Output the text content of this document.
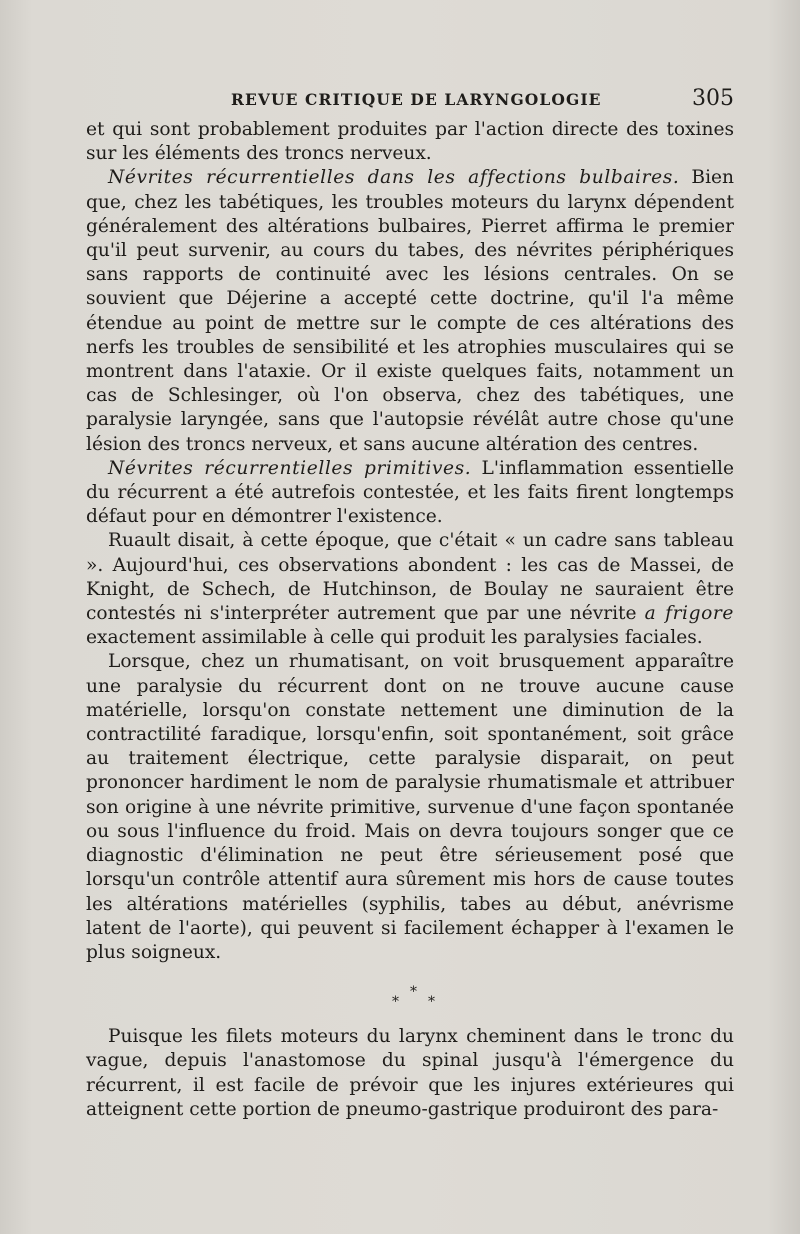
REVUE CRITIQUE DE LARYNGOLOGIE	305

et qui sont probablement produites par l'action directe des toxines sur les éléments des troncs nerveux.

Névrites récurrentielles dans les affections bulbaires. Bien que, chez les tabétiques, les troubles moteurs du larynx dépendent généralement des altérations bulbaires, Pierret affirma le premier qu'il peut survenir, au cours du tabes, des névrites périphériques sans rapports de continuité avec les lésions centrales. On se souvient que Déjerine a accepté cette doctrine, qu'il l'a même étendue au point de mettre sur le compte de ces altérations des nerfs les troubles de sensibilité et les atrophies musculaires qui se montrent dans l'ataxie. Or il existe quelques faits, notamment un cas de Schlesinger, où l'on observa, chez des tabétiques, une paralysie laryngée, sans que l'autopsie révélât autre chose qu'une lésion des troncs nerveux, et sans aucune altération des centres.

Névrites récurrentielles primitives. L'inflammation essentielle du récurrent a été autrefois contestée, et les faits firent longtemps défaut pour en démontrer l'existence.

Ruault disait, à cette époque, que c'était « un cadre sans tableau ». Aujourd'hui, ces observations abondent : les cas de Massei, de Knight, de Schech, de Hutchinson, de Boulay ne sauraient être contestés ni s'interpréter autrement que par une névrite a frigore exactement assimilable à celle qui produit les paralysies faciales.

Lorsque, chez un rhumatisant, on voit brusquement apparaître une paralysie du récurrent dont on ne trouve aucune cause matérielle, lorsqu'on constate nettement une diminution de la contractilité faradique, lorsqu'enfin, soit spontanément, soit grâce au traitement électrique, cette paralysie disparait, on peut prononcer hardiment le nom de paralysie rhumatismale et attribuer son origine à une névrite primitive, survenue d'une façon spontanée ou sous l'influence du froid. Mais on devra toujours songer que ce diagnostic d'élimination ne peut être sérieusement posé que lorsqu'un contrôle attentif aura sûrement mis hors de cause toutes les altérations matérielles (syphilis, tabes au début, anévrisme latent de l'aorte), qui peuvent si facilement échapper à l'examen le plus soigneux.

*
* *

Puisque les filets moteurs du larynx cheminent dans le tronc du vague, depuis l'anastomose du spinal jusqu'à l'émergence du récurrent, il est facile de prévoir que les injures extérieures qui atteignent cette portion de pneumo-gastrique produiront des para-
